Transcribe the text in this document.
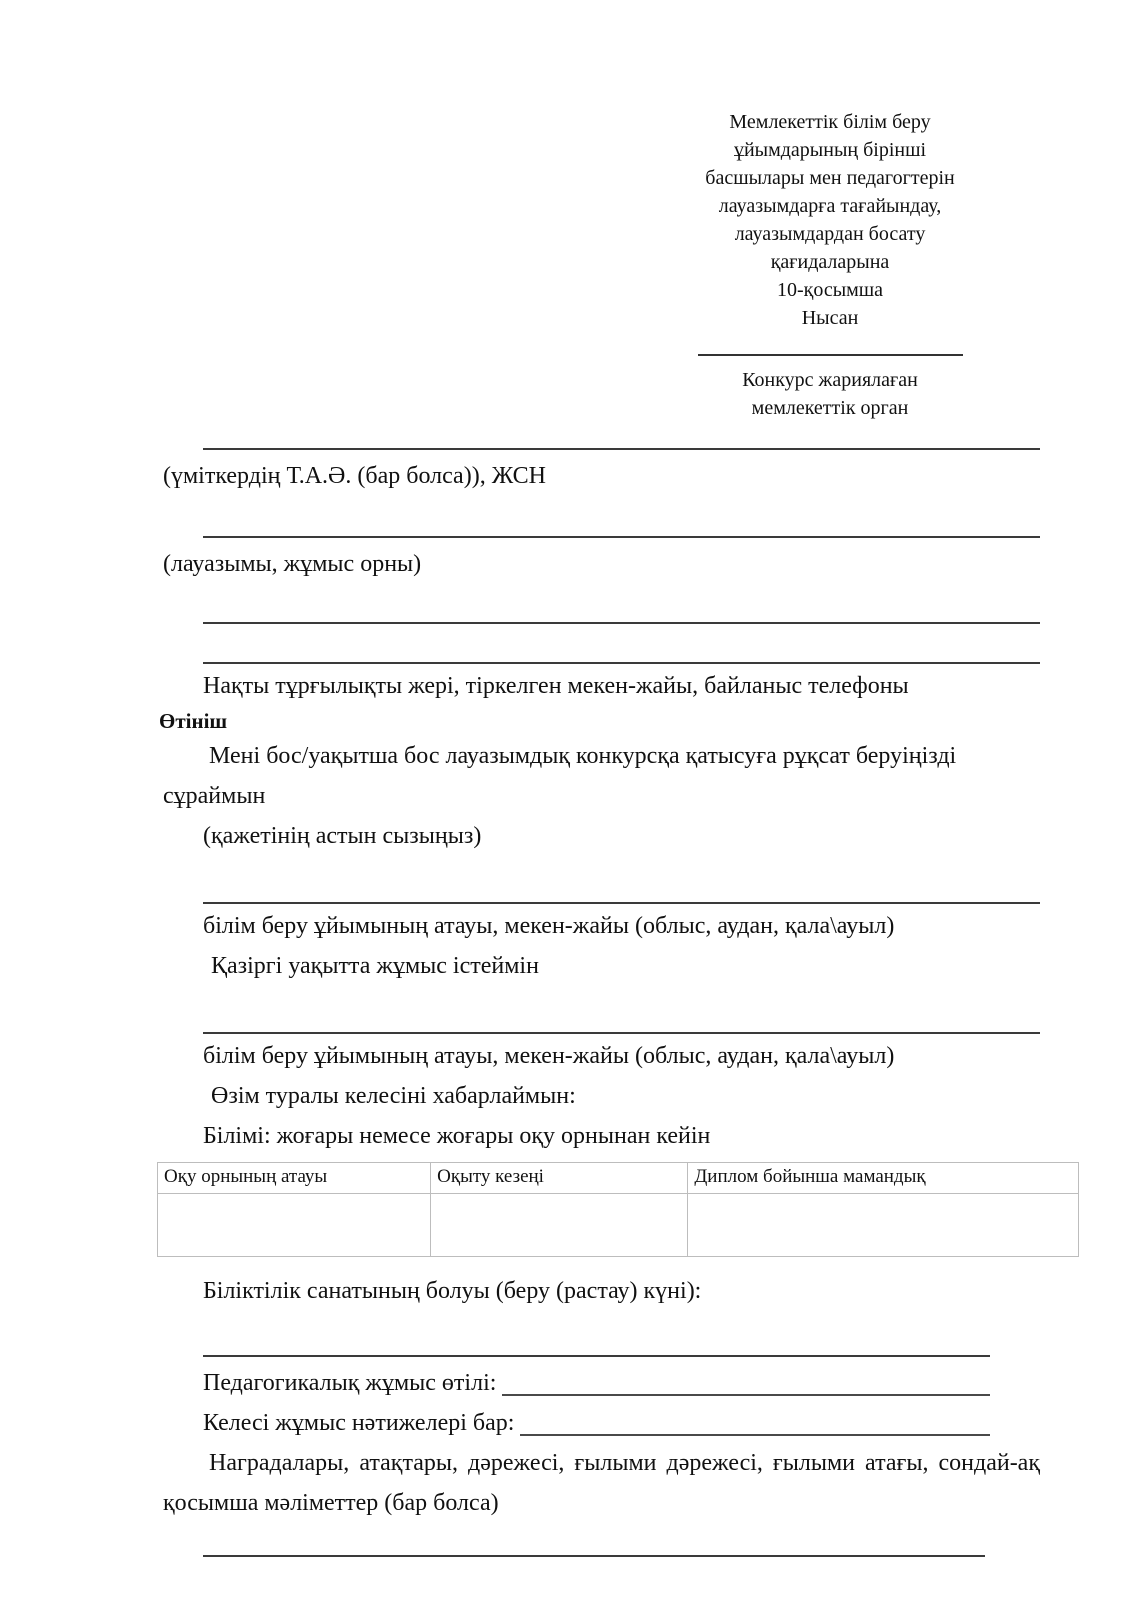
Мемлекеттік білім беру
ұйымдарының бірінші
басшылары мен педагогтерін
лауазымдарға тағайындау,
лауазымдардан босату
қағидаларына
10-қосымша
Нысан
Конкурс жариялаған
мемлекеттік орган
(үміткердің Т.А.Ә. (бар болса)), ЖСН
(лауазымы, жұмыс орны)
Нақты тұрғылықты жері, тіркелген мекен-жайы, байланыс телефоны
Өтініш
Мені бос/уақытша бос лауазымдық конкурсқа қатысуға рұқсат беруіңізді сұраймын
(қажетінің астын сызыңыз)
білім беру ұйымының атауы, мекен-жайы (облыс, аудан, қала\ауыл)
Қазіргі уақытта жұмыс істеймін
білім беру ұйымының атауы, мекен-жайы (облыс, аудан, қала\ауыл)
Өзім туралы келесіні хабарлаймын:
Білімі: жоғары немесе жоғары оқу орнынан кейін
Оқу орнының атауы	Оқыту кезеңі	Диплом бойынша мамандық

Біліктілік санатының болуы (беру (растау) күні):
Педагогикалық жұмыс өтілі:
Келесі жұмыс нәтижелері бар:
Наградалары, атақтары, дәрежесі, ғылыми дәрежесі, ғылыми атағы, сондай-ақ қосымша мәліметтер (бар болса)
